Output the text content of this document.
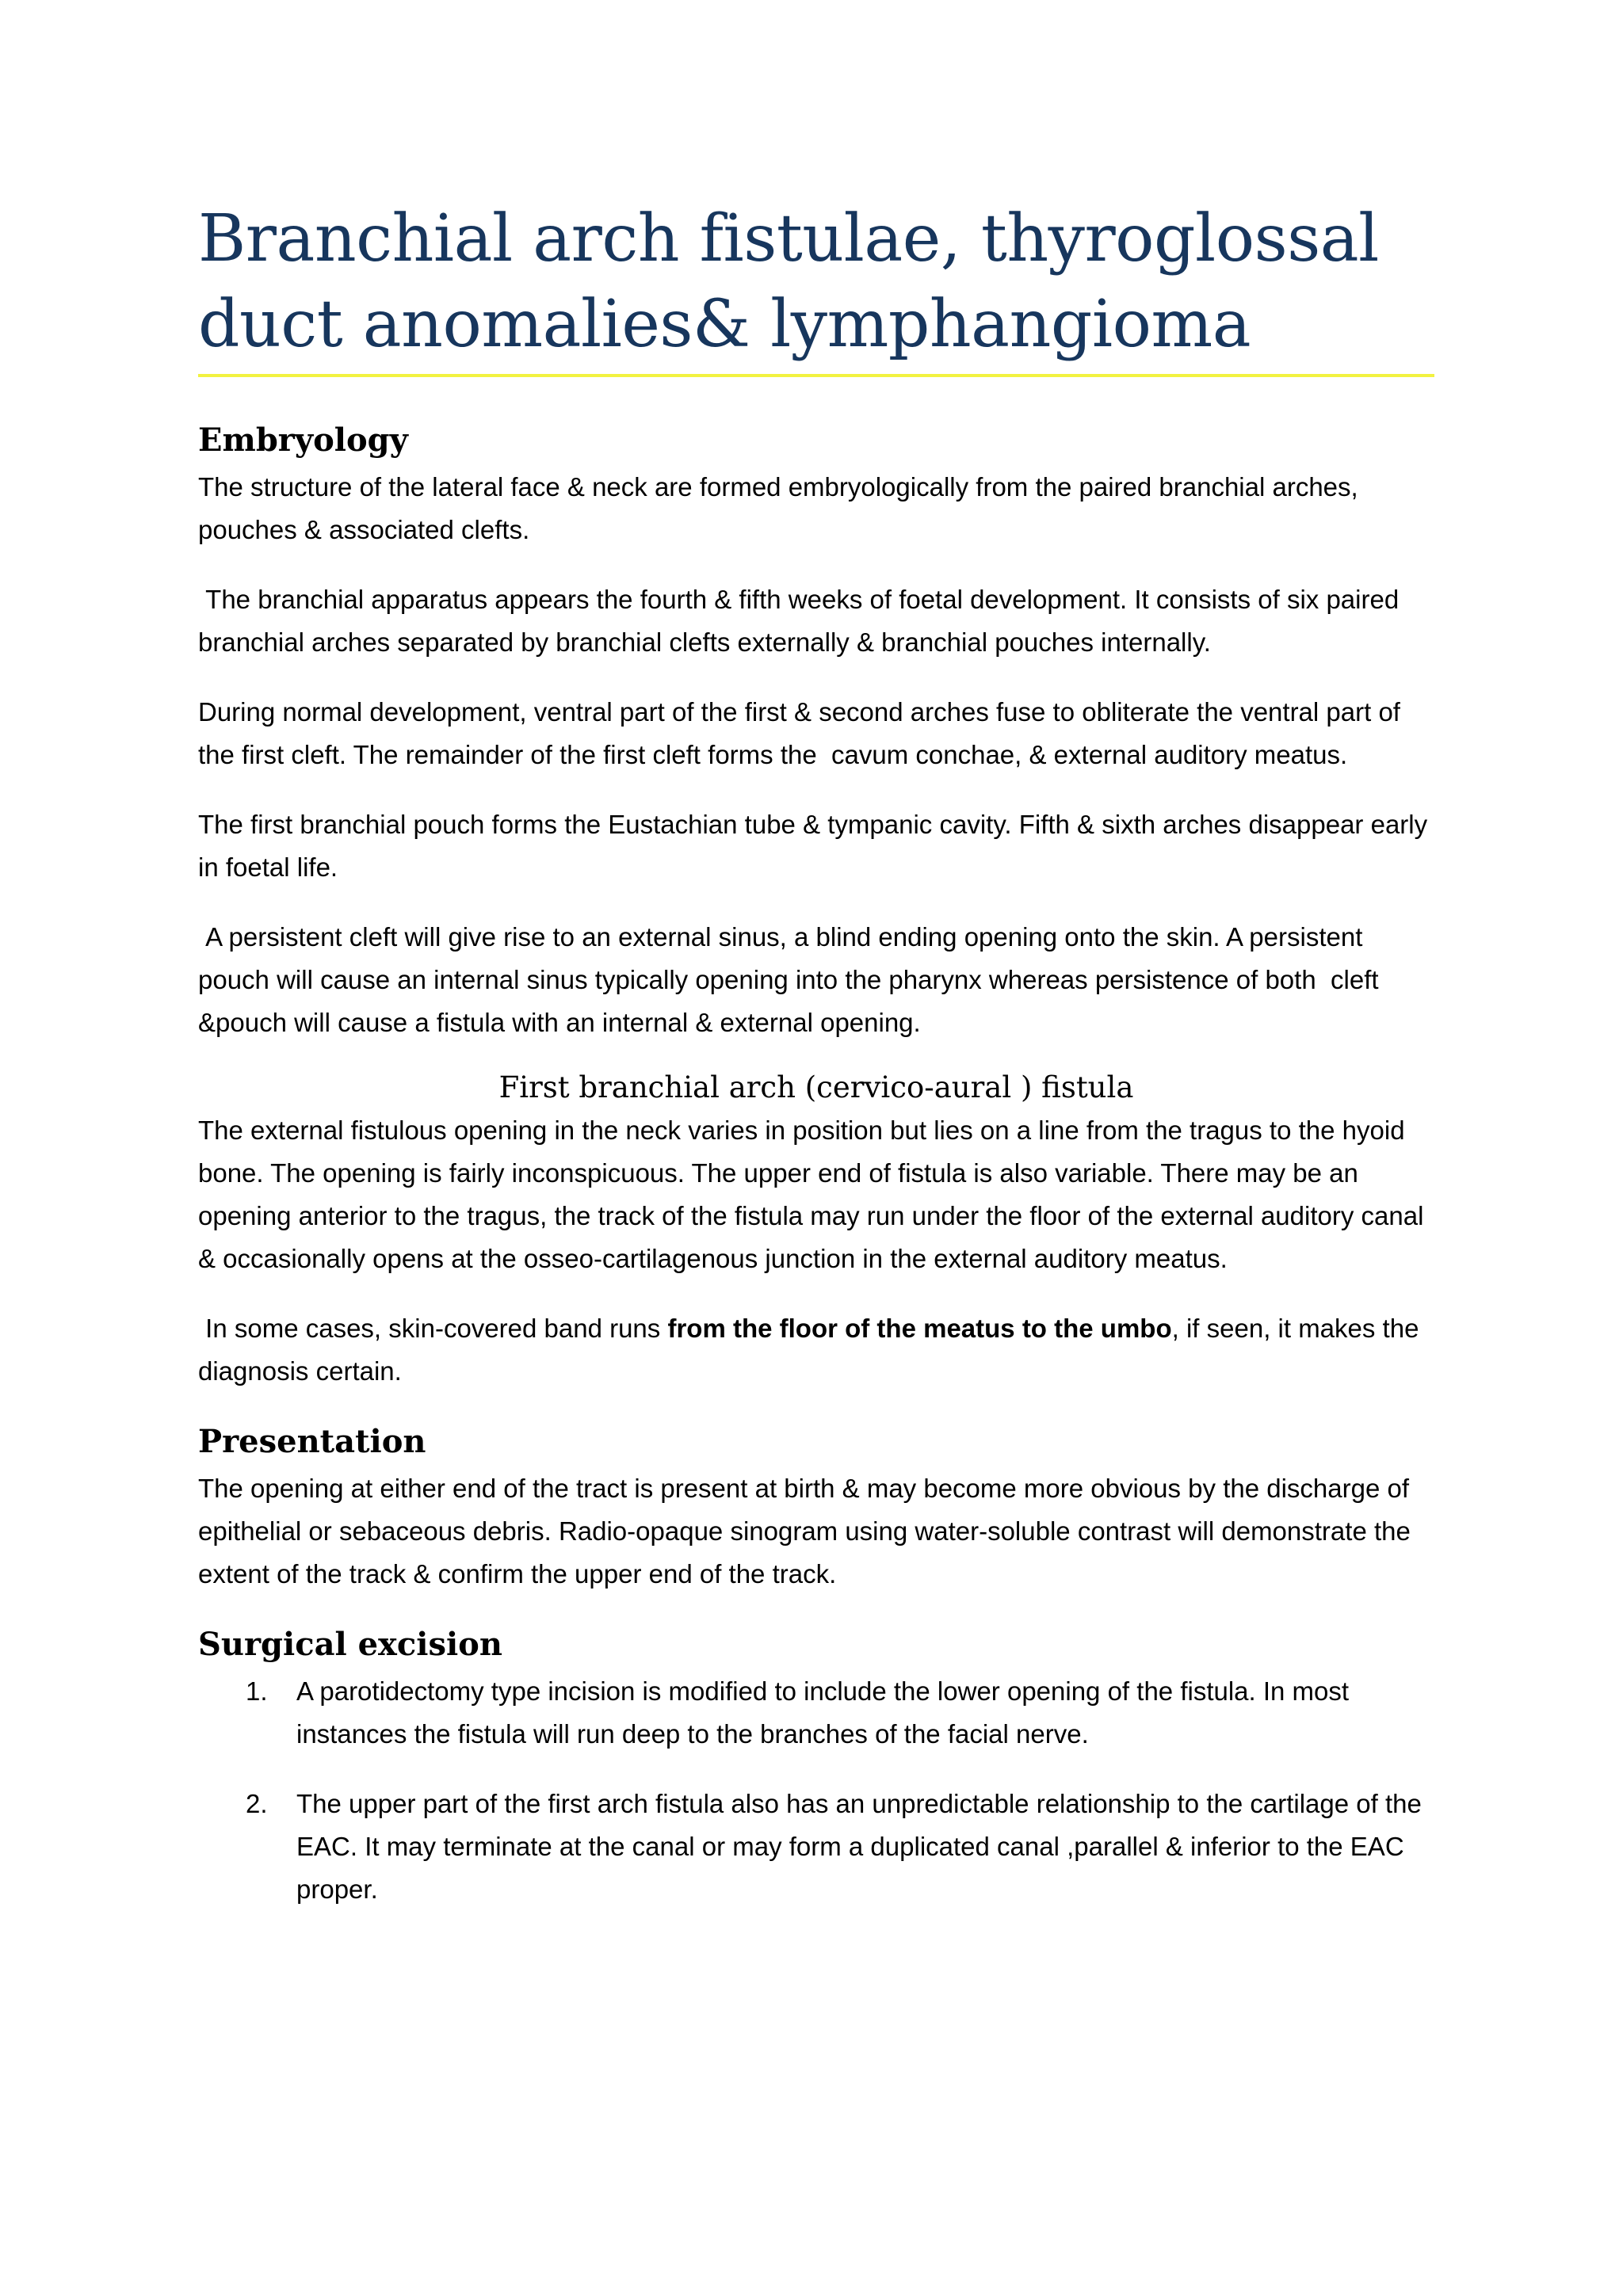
Branchial arch fistulae, thyroglossal
duct anomalies& lymphangioma
Embryology

The structure of the lateral face & neck are formed embryologically from the paired branchial arches, pouches & associated clefts.

The branchial apparatus appears the fourth & fifth weeks of foetal development. It consists of six paired branchial arches separated by branchial clefts externally & branchial pouches internally.

During normal development, ventral part of the first & second arches fuse to obliterate the ventral part of the first cleft. The remainder of the first cleft forms the  cavum conchae, & external auditory meatus.

The first branchial pouch forms the Eustachian tube & tympanic cavity. Fifth & sixth arches disappear early in foetal life.

A persistent cleft will give rise to an external sinus, a blind ending opening onto the skin. A persistent pouch will cause an internal sinus typically opening into the pharynx whereas persistence of both  cleft &pouch will cause a fistula with an internal & external opening.

First branchial arch (cervico-aural ) fistula

The external fistulous opening in the neck varies in position but lies on a line from the tragus to the hyoid bone. The opening is fairly inconspicuous. The upper end of fistula is also variable. There may be an opening anterior to the tragus, the track of the fistula may run under the floor of the external auditory canal & occasionally opens at the osseo-cartilagenous junction in the external auditory meatus.

In some cases, skin-covered band runs from the floor of the meatus to the umbo, if seen, it makes the diagnosis certain.

Presentation

The opening at either end of the tract is present at birth & may become more obvious by the discharge of epithelial or sebaceous debris. Radio-opaque sinogram using water-soluble contrast will demonstrate the extent of the track & confirm the upper end of the track.

Surgical excision
1. A parotidectomy type incision is modified to include the lower opening of the fistula. In most instances the fistula will run deep to the branches of the facial nerve.
2. The upper part of the first arch fistula also has an unpredictable relationship to the cartilage of the EAC. It may terminate at the canal or may form a duplicated canal ,parallel & inferior to the EAC proper.
